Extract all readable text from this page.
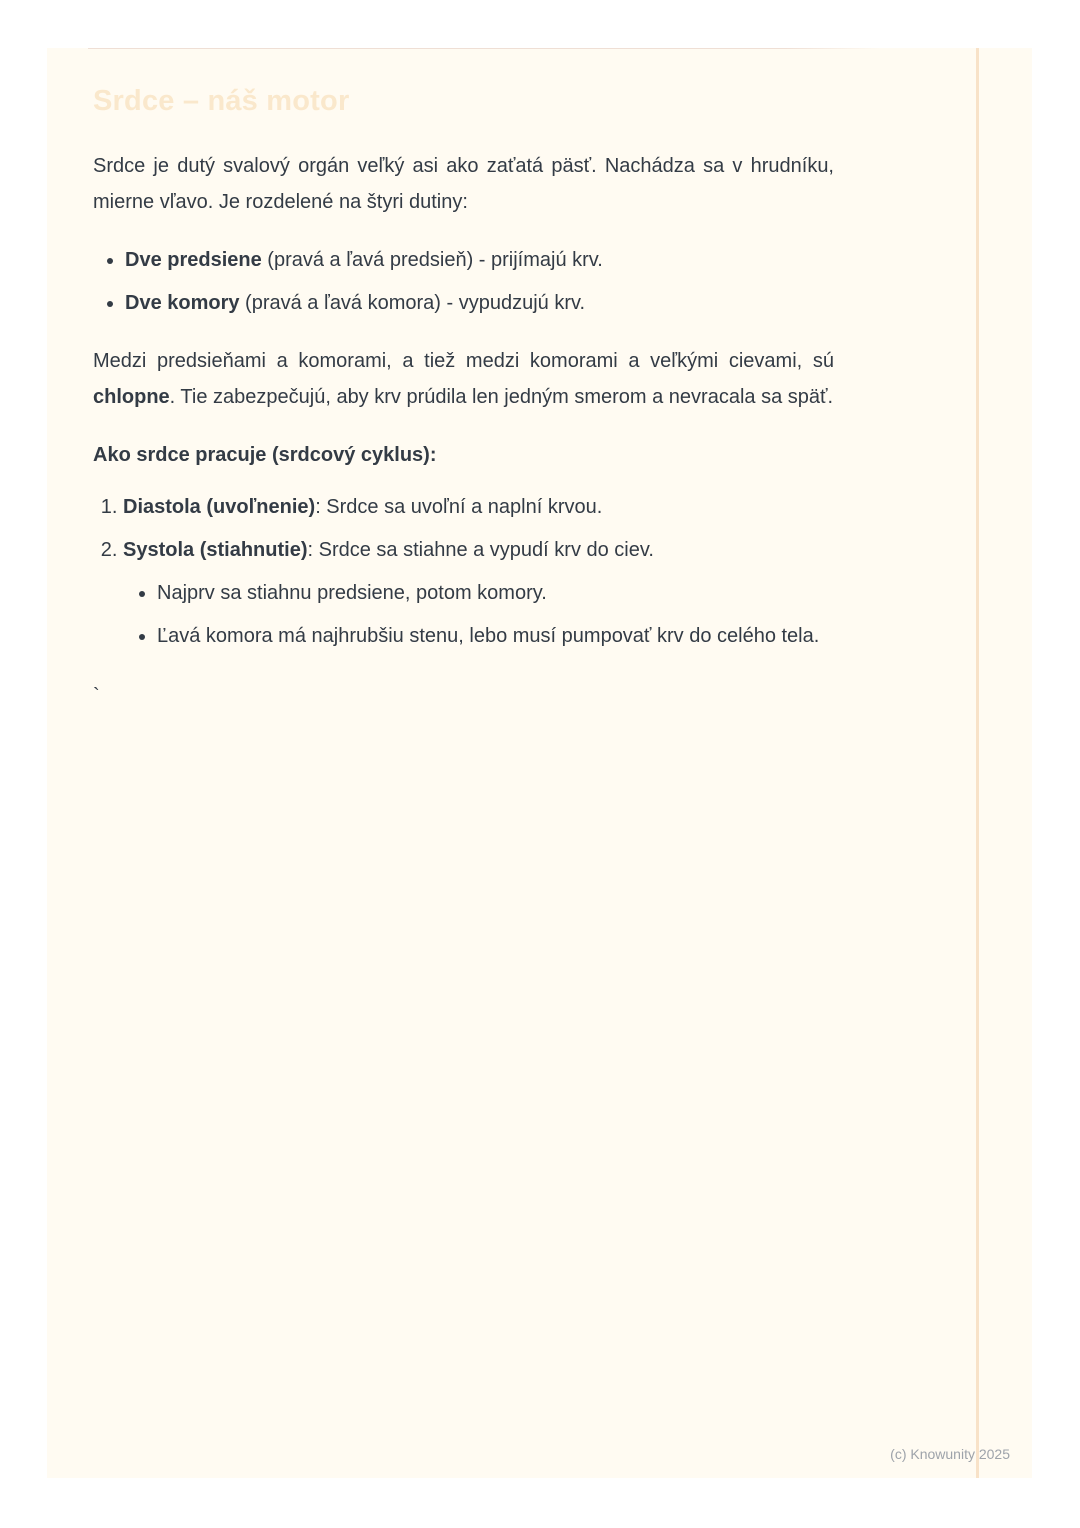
Srdce – náš motor

Srdce je dutý svalový orgán veľký asi ako zaťatá päsť. Nachádza sa v hrudníku, mierne vľavo. Je rozdelené na štyri dutiny:

• Dve predsiene (pravá a ľavá predsieň) - prijímajú krv.
• Dve komory (pravá a ľavá komora) - vypudzujú krv.

Medzi predsieňami a komorami, a tiež medzi komorami a veľkými cievami, sú chlopne. Tie zabezpečujú, aby krv prúdila len jedným smerom a nevracala sa späť.

Ako srdce pracuje (srdcový cyklus):
1. Diastola (uvoľnenie): Srdce sa uvoľní a naplní krvou.
2. Systola (stiahnutie): Srdce sa stiahne a vypudí krv do ciev.
• Najprv sa stiahnu predsiene, potom komory.
• Ľavá komora má najhrubšiu stenu, lebo musí pumpovať krv do celého tela.

`

(c) Knowunity 2025
